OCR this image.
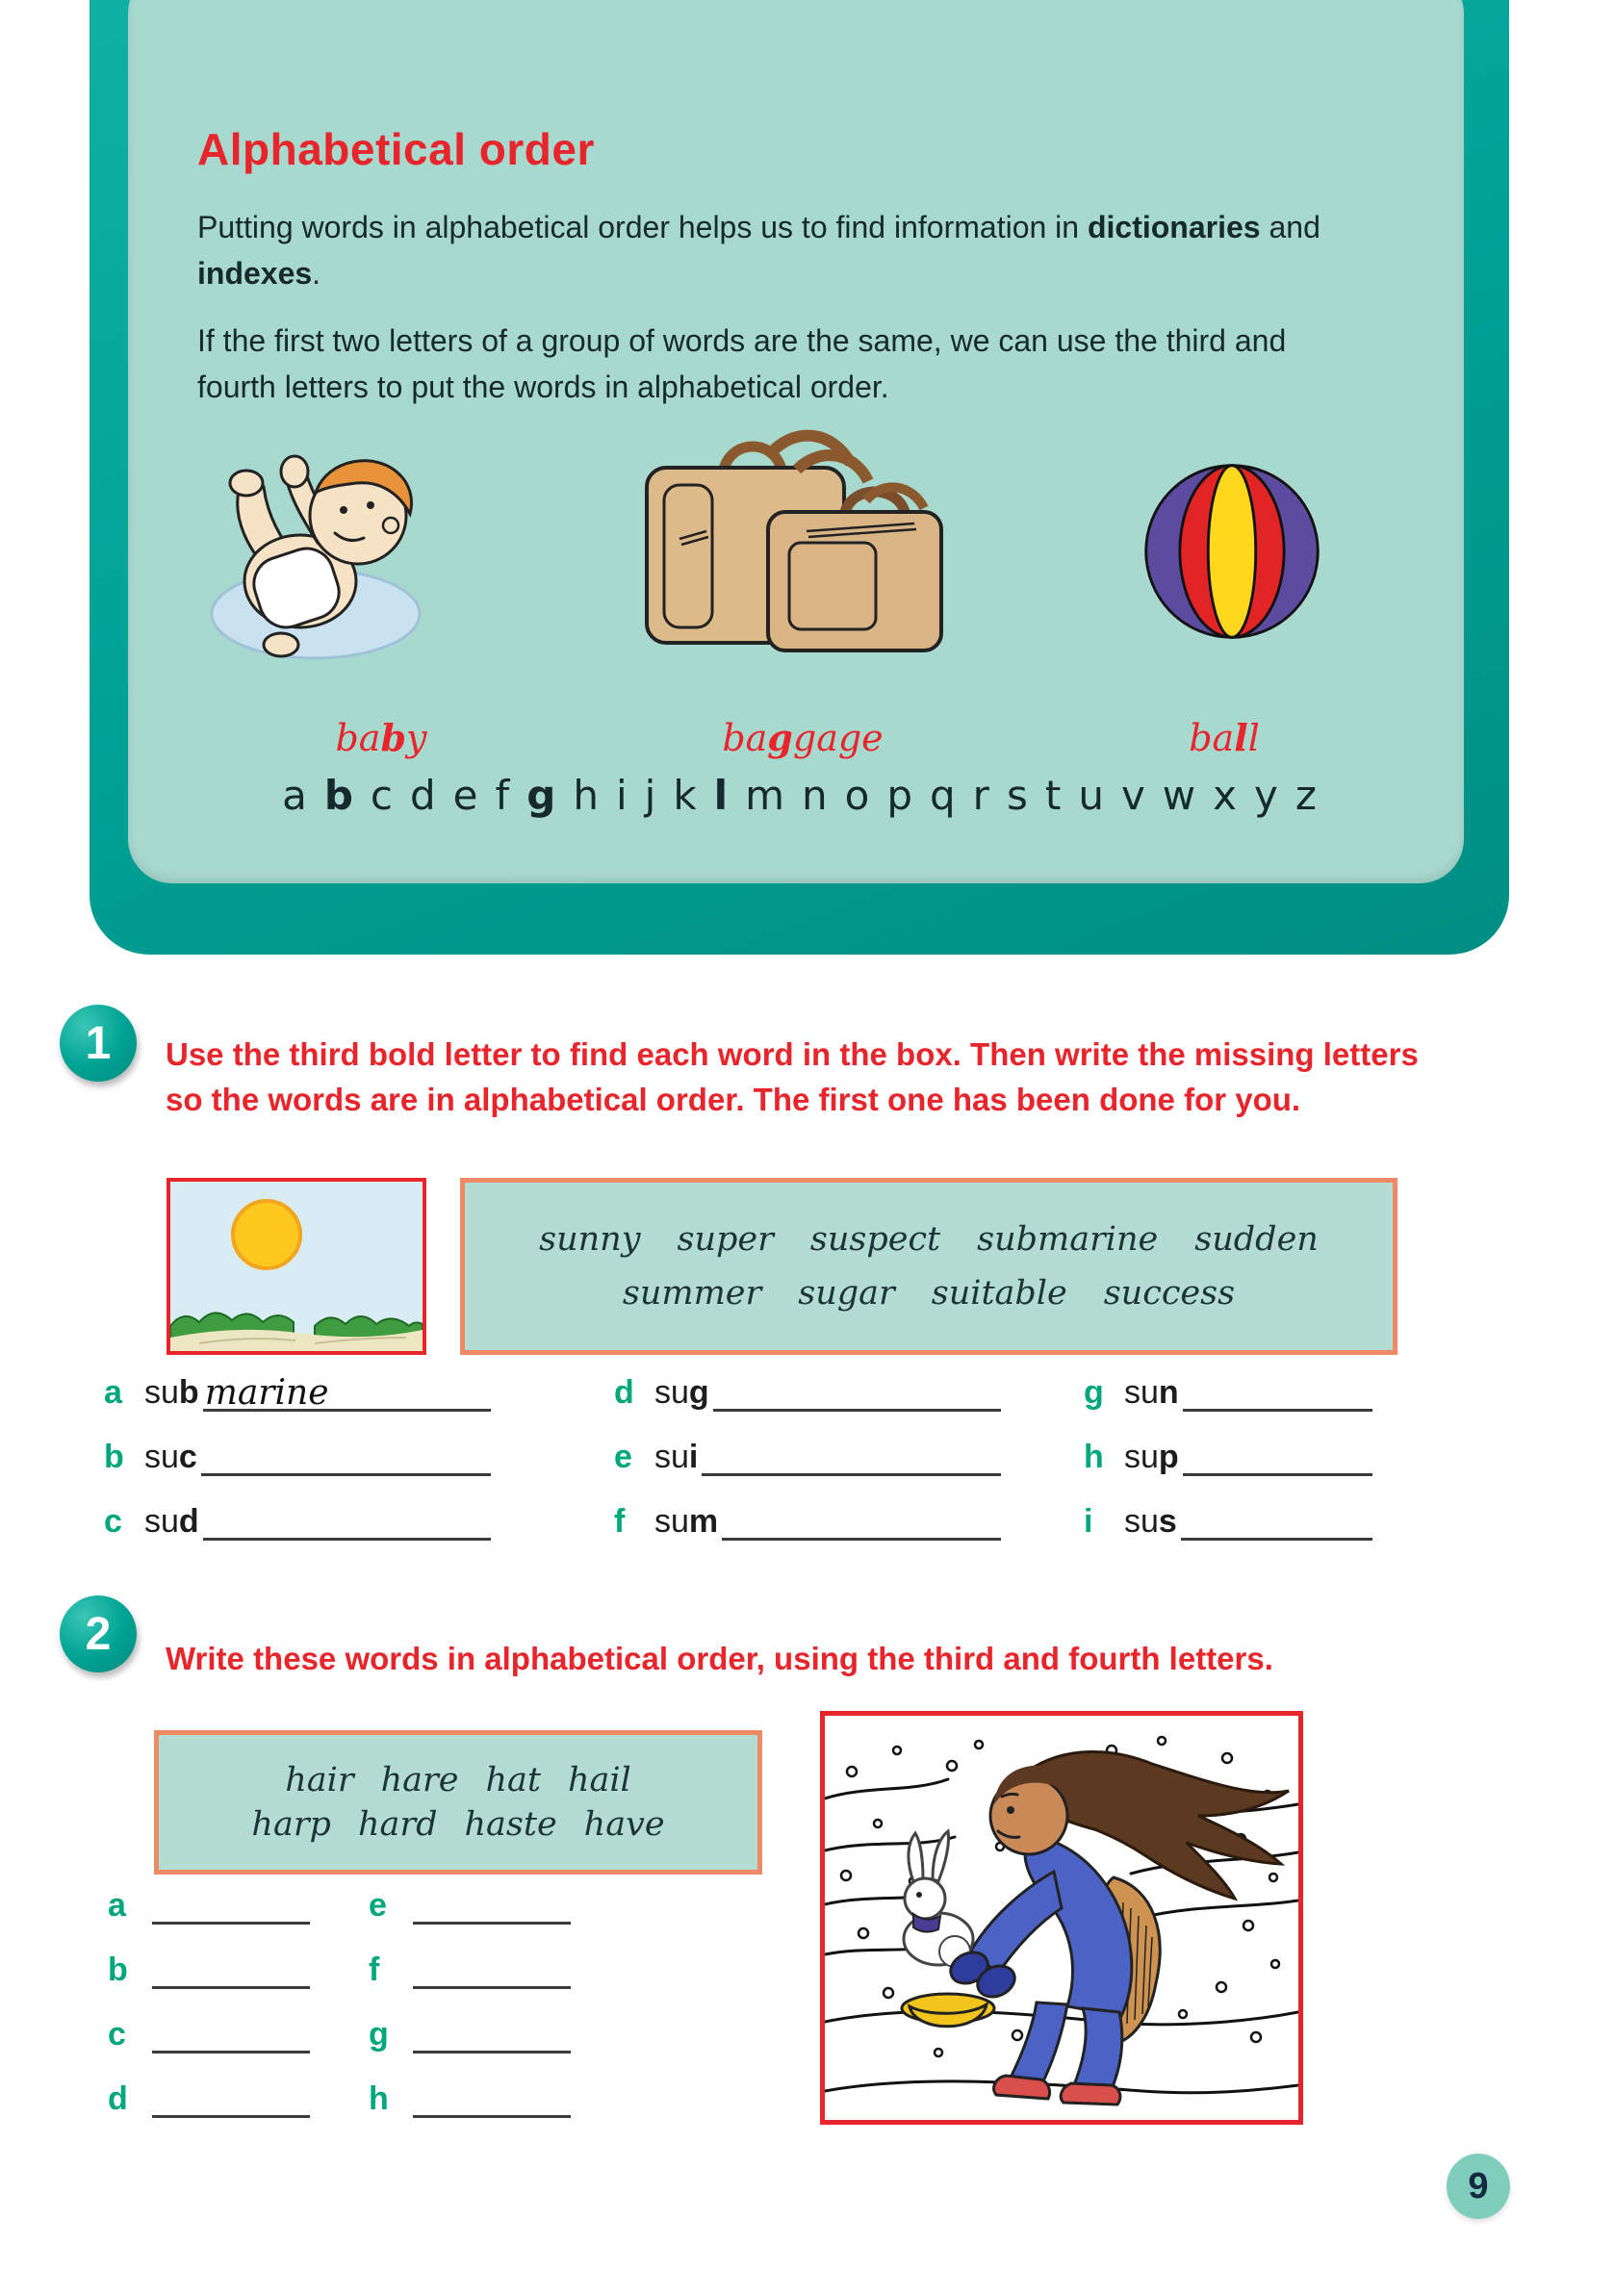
Alphabetical order
Putting words in alphabetical order helps us to find information in dictionaries and indexes.
If the first two letters of a group of words are the same, we can use the third and fourth letters to put the words in alphabetical order.
baby	baggage	ball
a b c d e f g h i j k l m n o p q r s t u v w x y z
1	Use the third bold letter to find each word in the box. Then write the missing letters so the words are in alphabetical order. The first one has been done for you.
sunny super suspect submarine sudden
summer sugar suitable success
a sub marine
b suc
c sud
d sug
e sui
f sum
g sun
h sup
i sus
2	Write these words in alphabetical order, using the third and fourth letters.
hair hare hat hail
harp hard haste have
a
b
c
d
e
f
g
h
9
